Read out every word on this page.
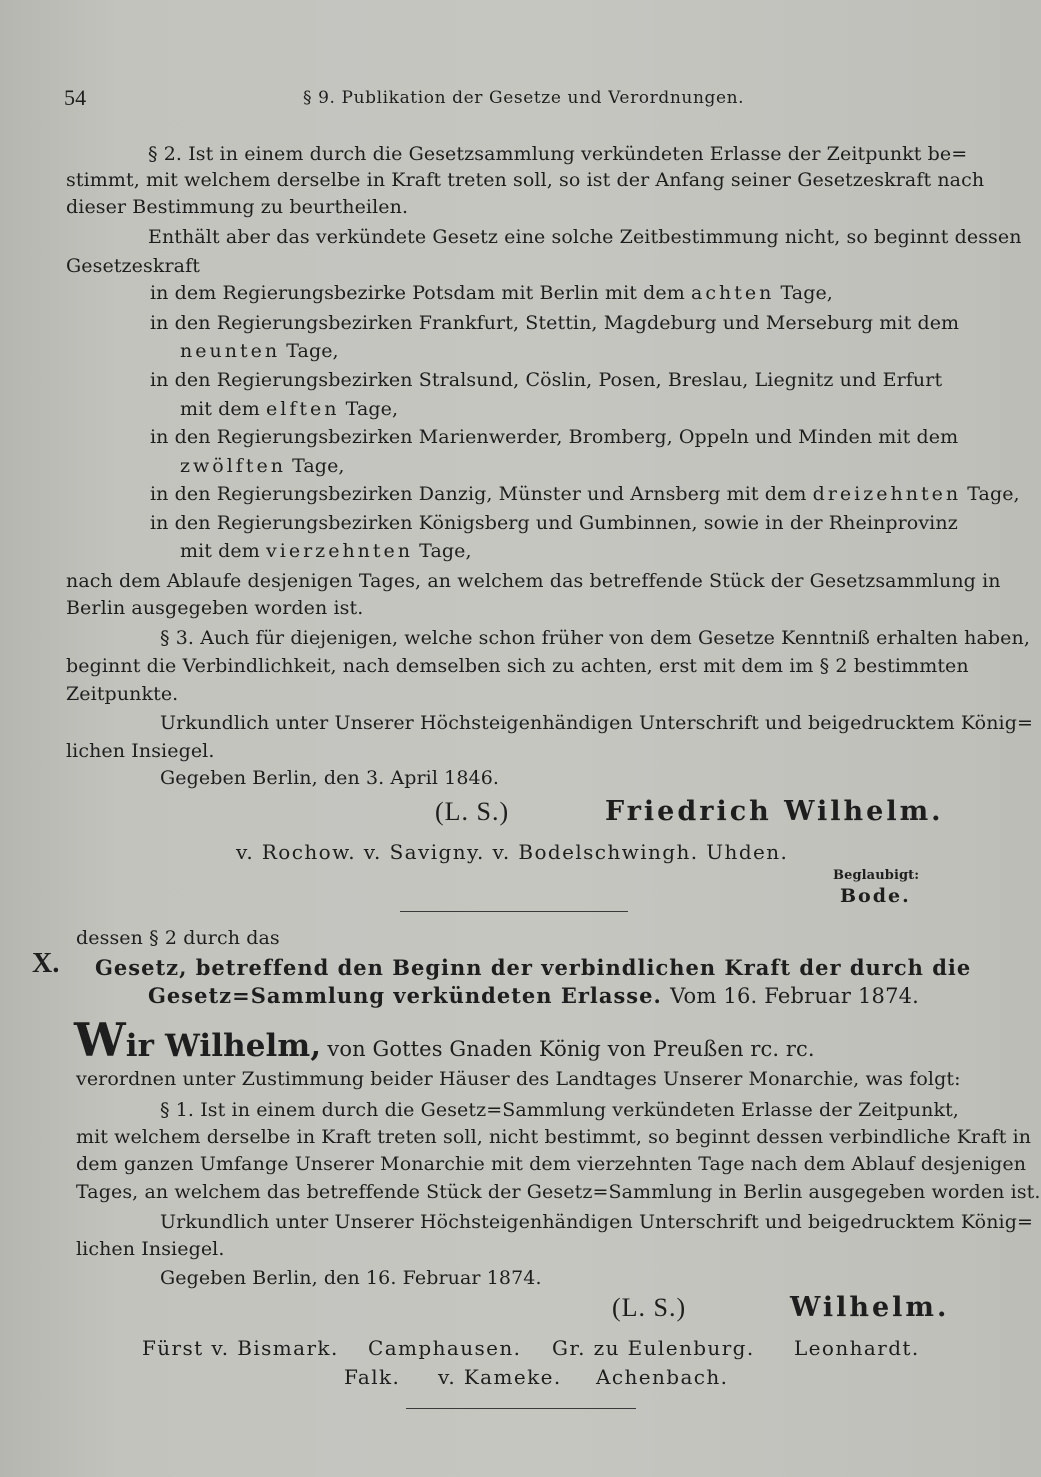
54	§ 9. Publikation der Gesetze und Verordnungen.
§ 2. Ist in einem durch die Gesetzsammlung verkündeten Erlasse der Zeitpunkt be=
stimmt, mit welchem derselbe in Kraft treten soll, so ist der Anfang seiner Gesetzeskraft nach
dieser Bestimmung zu beurtheilen.
Enthält aber das verkündete Gesetz eine solche Zeitbestimmung nicht, so beginnt dessen
Gesetzeskraft
in dem Regierungsbezirke Potsdam mit Berlin mit dem achten Tage,
in den Regierungsbezirken Frankfurt, Stettin, Magdeburg und Merseburg mit dem
neunten Tage,
in den Regierungsbezirken Stralsund, Cöslin, Posen, Breslau, Liegnitz und Erfurt
mit dem elften Tage,
in den Regierungsbezirken Marienwerder, Bromberg, Oppeln und Minden mit dem
zwölften Tage,
in den Regierungsbezirken Danzig, Münster und Arnsberg mit dem dreizehnten Tage,
in den Regierungsbezirken Königsberg und Gumbinnen, sowie in der Rheinprovinz
mit dem vierzehnten Tage,
nach dem Ablaufe desjenigen Tages, an welchem das betreffende Stück der Gesetzsammlung in
Berlin ausgegeben worden ist.
§ 3. Auch für diejenigen, welche schon früher von dem Gesetze Kenntniß erhalten haben,
beginnt die Verbindlichkeit, nach demselben sich zu achten, erst mit dem im § 2 bestimmten
Zeitpunkte.
Urkundlich unter Unserer Höchsteigenhändigen Unterschrift und beigedrucktem König=
lichen Insiegel.
Gegeben Berlin, den 3. April 1846.
(L. S.)	Friedrich Wilhelm.
v. Rochow. v. Savigny. v. Bodelschwingh. Uhden.
Beglaubigt:
Bode.
dessen § 2 durch das
X. Gesetz, betreffend den Beginn der verbindlichen Kraft der durch die
Gesetz=Sammlung verkündeten Erlasse. Vom 16. Februar 1874.
Wir Wilhelm, von Gottes Gnaden König von Preußen rc. rc.
verordnen unter Zustimmung beider Häuser des Landtages Unserer Monarchie, was folgt:
§ 1. Ist in einem durch die Gesetz=Sammlung verkündeten Erlasse der Zeitpunkt,
mit welchem derselbe in Kraft treten soll, nicht bestimmt, so beginnt dessen verbindliche Kraft in
dem ganzen Umfange Unserer Monarchie mit dem vierzehnten Tage nach dem Ablauf desjenigen
Tages, an welchem das betreffende Stück der Gesetz=Sammlung in Berlin ausgegeben worden ist.
Urkundlich unter Unserer Höchsteigenhändigen Unterschrift und beigedrucktem König=
lichen Insiegel.
Gegeben Berlin, den 16. Februar 1874.
(L. S.)	Wilhelm.
Fürst v. Bismark. Camphausen. Gr. zu Eulenburg. Leonhardt.
Falk. v. Kameke. Achenbach.
